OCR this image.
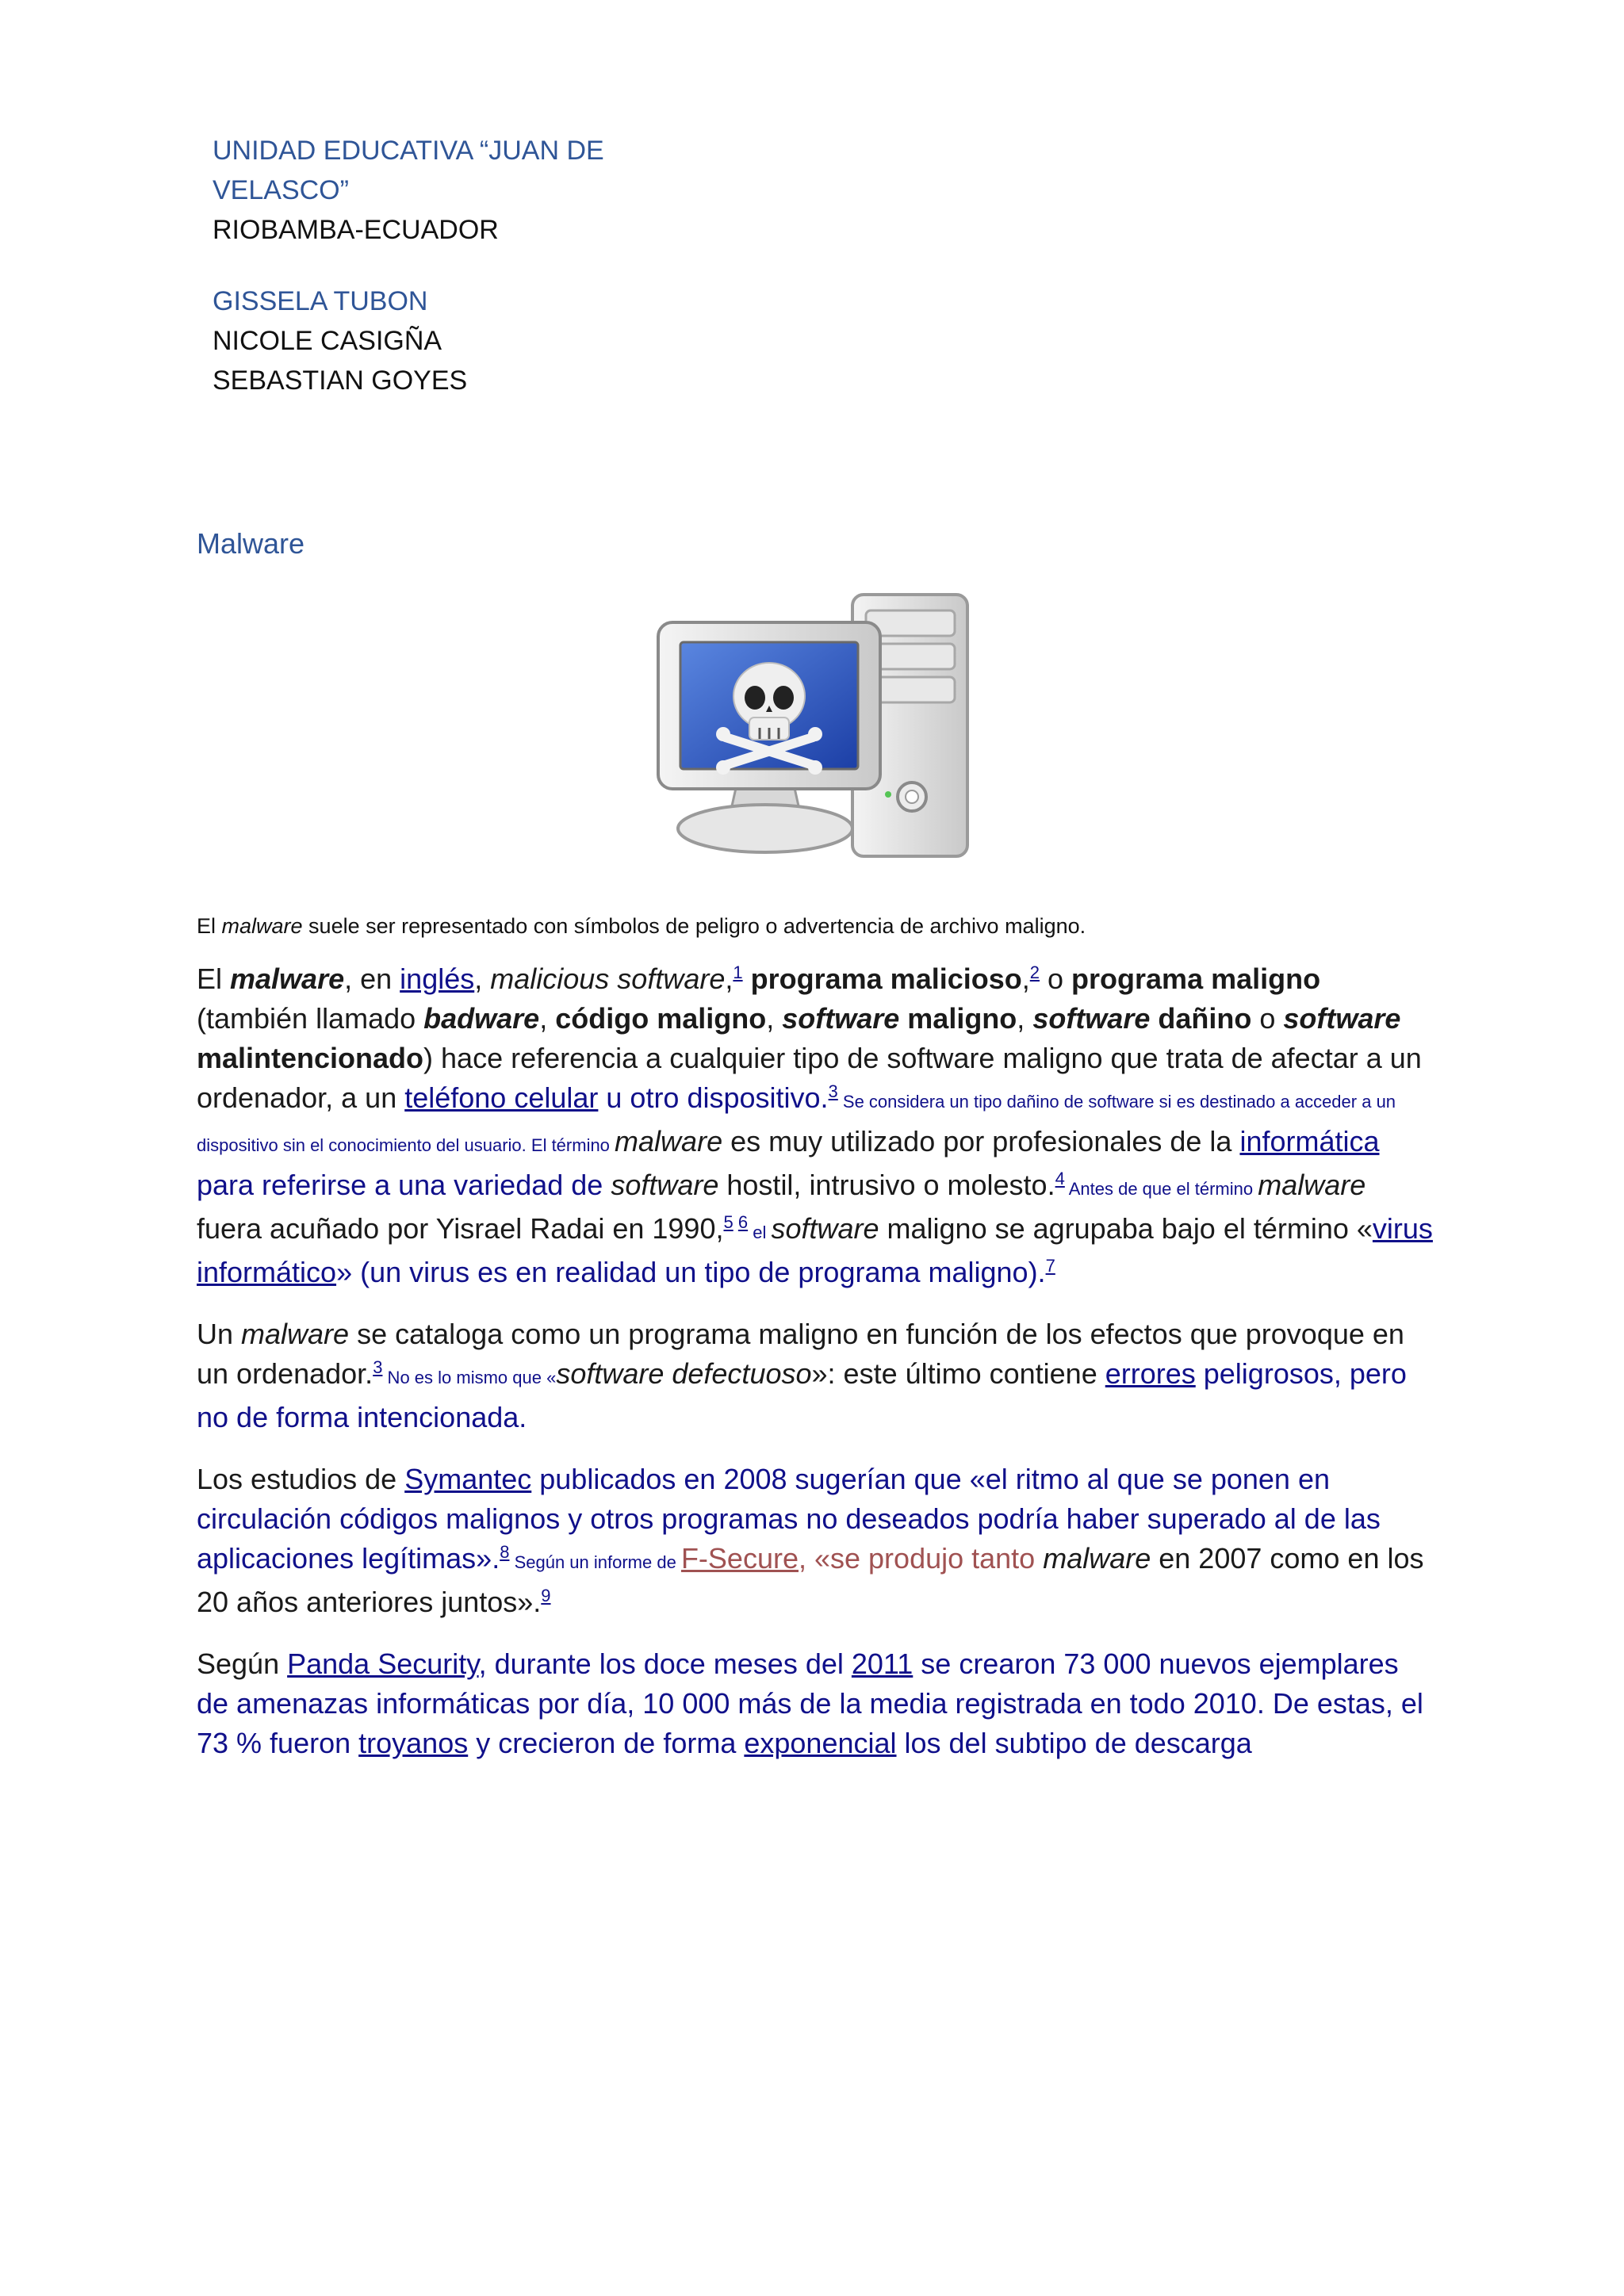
UNIDAD EDUCATIVA “JUAN DE
VELASCO”
RIOBAMBA-ECUADOR
GISSELA TUBON
NICOLE CASIGÑA
SEBASTIAN GOYES
Malware
El malware suele ser representado con símbolos de peligro o advertencia de archivo maligno.

El malware, en inglés, malicious software,$^1$ programa malicioso,$^2$ o programa maligno (también llamado badware, código maligno, software maligno, software dañino o software malintencionado) hace referencia a cualquier tipo de software maligno que trata de afectar a un ordenador, a un teléfono celular u otro dispositivo.$^3$ Se considera un tipo dañino de software si es destinado a acceder a un dispositivo sin el conocimiento del usuario. El término malware es muy utilizado por profesionales de la informática para referirse a una variedad de software hostil, intrusivo o molesto.$^4$ Antes de que el término malware fuera acuñado por Yisrael Radai en 1990,$^{5 6}$ el software maligno se agrupaba bajo el término «virus informático» (un virus es en realidad un tipo de programa maligno).$^7$

Un malware se cataloga como un programa maligno en función de los efectos que provoque en un ordenador.$^3$ No es lo mismo que «software defectuoso»: este último contiene errores peligrosos, pero no de forma intencionada.

Los estudios de Symantec publicados en 2008 sugerían que «el ritmo al que se ponen en circulación códigos malignos y otros programas no deseados podría haber superado al de las aplicaciones legítimas».$^8$ Según un informe de F-Secure, «se produjo tanto malware en 2007 como en los 20 años anteriores juntos».$^9$

Según Panda Security, durante los doce meses del 2011 se crearon 73 000 nuevos ejemplares de amenazas informáticas por día, 10 000 más de la media registrada en todo 2010. De estas, el 73 % fueron troyanos y crecieron de forma exponencial los del subtipo de descarga
